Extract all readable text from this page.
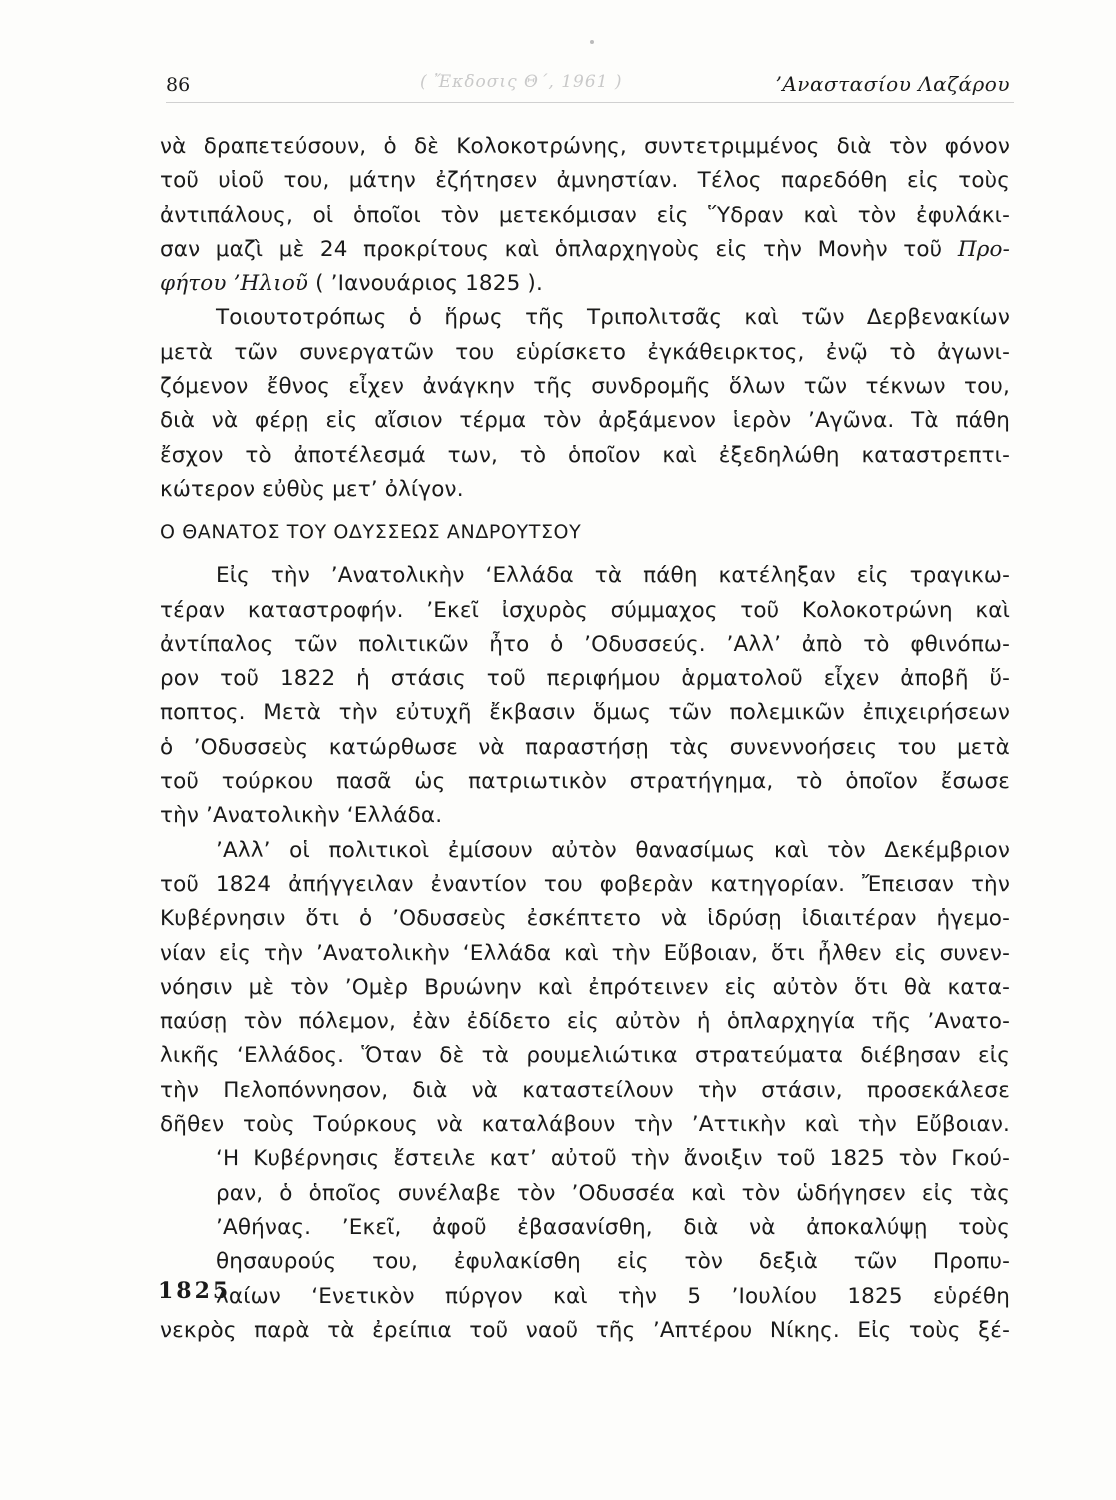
( Ἔκδοσις Θ΄, 1961 )
86	’Αναστασίου Λαζάρου
1825
νὰ δραπετεύσουν, ὁ δὲ Κολοκοτρώνης, συντετριμμένος διὰ τὸν φόνον
τοῦ υἱοῦ του, μάτην ἐζήτησεν ἀμνηστίαν. Τέλος παρεδόθη εἰς τοὺς
ἀντιπάλους, οἱ ὁποῖοι τὸν μετεκόμισαν εἰς Ὕδραν καὶ τὸν ἐφυλάκι-
σαν μαζὶ μὲ 24 προκρίτους καὶ ὁπλαρχηγοὺς εἰς τὴν Μονὴν τοῦ Προ-
φήτου ’Ηλιοῦ ( ’Ιανουάριος 1825 ).
Τοιουτοτρόπως ὁ ἥρως τῆς Τριπολιτσᾶς καὶ τῶν Δερβενακίων
μετὰ τῶν συνεργατῶν του εὑρίσκετο ἐγκάθειρκτος, ἐνῷ τὸ ἀγωνι-
ζόμενον ἔθνος εἶχεν ἀνάγκην τῆς συνδρομῆς ὅλων τῶν τέκνων του,
διὰ νὰ φέρῃ εἰς αἴσιον τέρμα τὸν ἀρξάμενον ἱερὸν ’Αγῶνα. Τὰ πάθη
ἔσχον τὸ ἀποτέλεσμά των, τὸ ὁποῖον καὶ ἐξεδηλώθη καταστρεπτι-
κώτερον εὐθὺς μετ’ ὀλίγον.
Ο ΘΑΝΑΤΟΣ ΤΟΥ ΟΔΥΣΣΕΩΣ ΑΝΔΡΟΥΤΣΟΥ
Εἰς τὴν ’Ανατολικὴν ‘Ελλάδα τὰ πάθη κατέληξαν εἰς τραγικω-
τέραν καταστροφήν. ’Εκεῖ ἰσχυρὸς σύμμαχος τοῦ Κολοκοτρώνη καὶ
ἀντίπαλος τῶν πολιτικῶν ἦτο ὁ ’Οδυσσεύς. ’Αλλ’ ἀπὸ τὸ φθινόπω-
ρον τοῦ 1822 ἡ στάσις τοῦ περιφήμου ἁρματολοῦ εἶχεν ἀποβῆ ὕ-
ποπτος. Μετὰ τὴν εὐτυχῆ ἔκβασιν ὅμως τῶν πολεμικῶν ἐπιχειρήσεων
ὁ ’Οδυσσεὺς κατώρθωσε νὰ παραστήσῃ τὰς συνεννοήσεις του μετὰ
τοῦ τούρκου πασᾶ ὡς πατριωτικὸν στρατήγημα, τὸ ὁποῖον ἔσωσε
τὴν ’Ανατολικὴν ‘Ελλάδα.
’Αλλ’ οἱ πολιτικοὶ ἐμίσουν αὐτὸν θανασίμως καὶ τὸν Δεκέμβριον
τοῦ 1824 ἀπήγγειλαν ἐναντίον του φοβερὰν κατηγορίαν. Ἔπεισαν τὴν
Κυβέρνησιν ὅτι ὁ ’Οδυσσεὺς ἐσκέπτετο νὰ ἱδρύσῃ ἰδιαιτέραν ἡγεμο-
νίαν εἰς τὴν ’Ανατολικὴν ‘Ελλάδα καὶ τὴν Εὔβοιαν, ὅτι ἦλθεν εἰς συνεν-
νόησιν μὲ τὸν ’Ομὲρ Βρυώνην καὶ ἐπρότεινεν εἰς αὐτὸν ὅτι θὰ κατα-
παύσῃ τὸν πόλεμον, ἐὰν ἐδίδετο εἰς αὐτὸν ἡ ὁπλαρχηγία τῆς ’Ανατο-
λικῆς ‘Ελλάδος. Ὅταν δὲ τὰ ρουμελιώτικα στρατεύματα διέβησαν εἰς
τὴν Πελοπόννησον, διὰ νὰ καταστείλουν τὴν στάσιν, προσεκάλεσε
δῆθεν τοὺς Τούρκους νὰ καταλάβουν τὴν ’Αττικὴν καὶ τὴν Εὔβοιαν.
‘Η Κυβέρνησις ἔστειλε κατ’ αὐτοῦ τὴν ἄνοιξιν τοῦ 1825 τὸν Γκού-
ραν, ὁ ὁποῖος συνέλαβε τὸν ’Οδυσσέα καὶ τὸν ὡδήγησεν εἰς τὰς
’Αθήνας. ’Εκεῖ, ἀφοῦ ἐβασανίσθη, διὰ νὰ ἀποκαλύψῃ τοὺς
θησαυρούς του, ἐφυλακίσθη εἰς τὸν δεξιὰ τῶν Προπυ-
λαίων ‘Ενετικὸν πύργον καὶ τὴν 5 ’Ιουλίου 1825 εὑρέθη
νεκρὸς παρὰ τὰ ἐρείπια τοῦ ναοῦ τῆς ’Απτέρου Νίκης. Εἰς τοὺς ξέ-
